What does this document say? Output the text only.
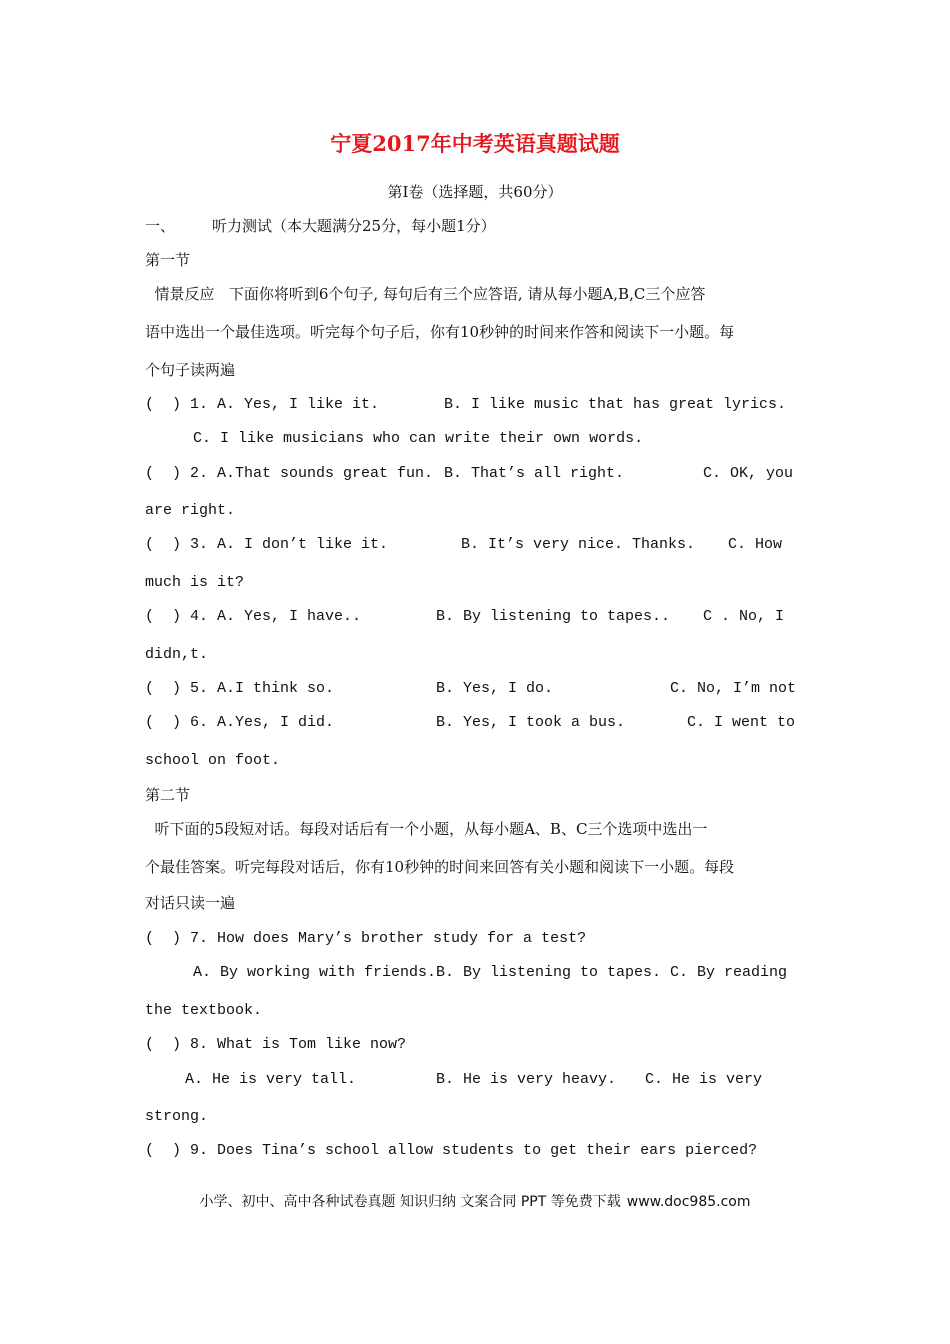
宁夏2017年中考英语真题试题
第Ⅰ卷（选择题，共60分）
一、 听力测试（本大题满分25分，每小题1分）
第一节
情景反应   下面你将听到6个句子, 每句后有三个应答语, 请从每小题A,B,C三个应答
语中选出一个最佳选项。听完每个句子后，你有10秒钟的时间来作答和阅读下一小题。每
个句子读两遍
(  ) 1. A. Yes, I like it.	B. I like music that has great lyrics.
C. I like musicians who can write their own words.
(  ) 2. A.That sounds great fun. B. That’s all right.	C. OK, you
are right.
(  ) 3. A. I don’t like it.	B. It’s very nice. Thanks. C. How
much is it?
(  ) 4. A. Yes, I have..	B. By listening to tapes.. C . No, I
didn,t.
(  ) 5. A.I think so.	B. Yes, I do.	C. No, I’m not
(  ) 6. A.Yes, I did.	B. Yes, I took a bus.	C. I went to
school on foot.
第二节
听下面的5段短对话。每段对话后有一个小题，从每小题A、B、C三个选项中选出一
个最佳答案。听完每段对话后，你有10秒钟的时间来回答有关小题和阅读下一小题。每段
对话只读一遍
(  ) 7. How does Mary’s brother study for a test?
A. By working with friends. B. By listening to tapes. C. By reading
the textbook.
(  ) 8. What is Tom like now?
A. He is very tall.	B. He is very heavy. C. He is very
strong.
(  ) 9. Does Tina’s school allow students to get their ears pierced?
小学、初中、高中各种试卷真题 知识归纳 文案合同 PPT 等免费下载 www.doc985.com
